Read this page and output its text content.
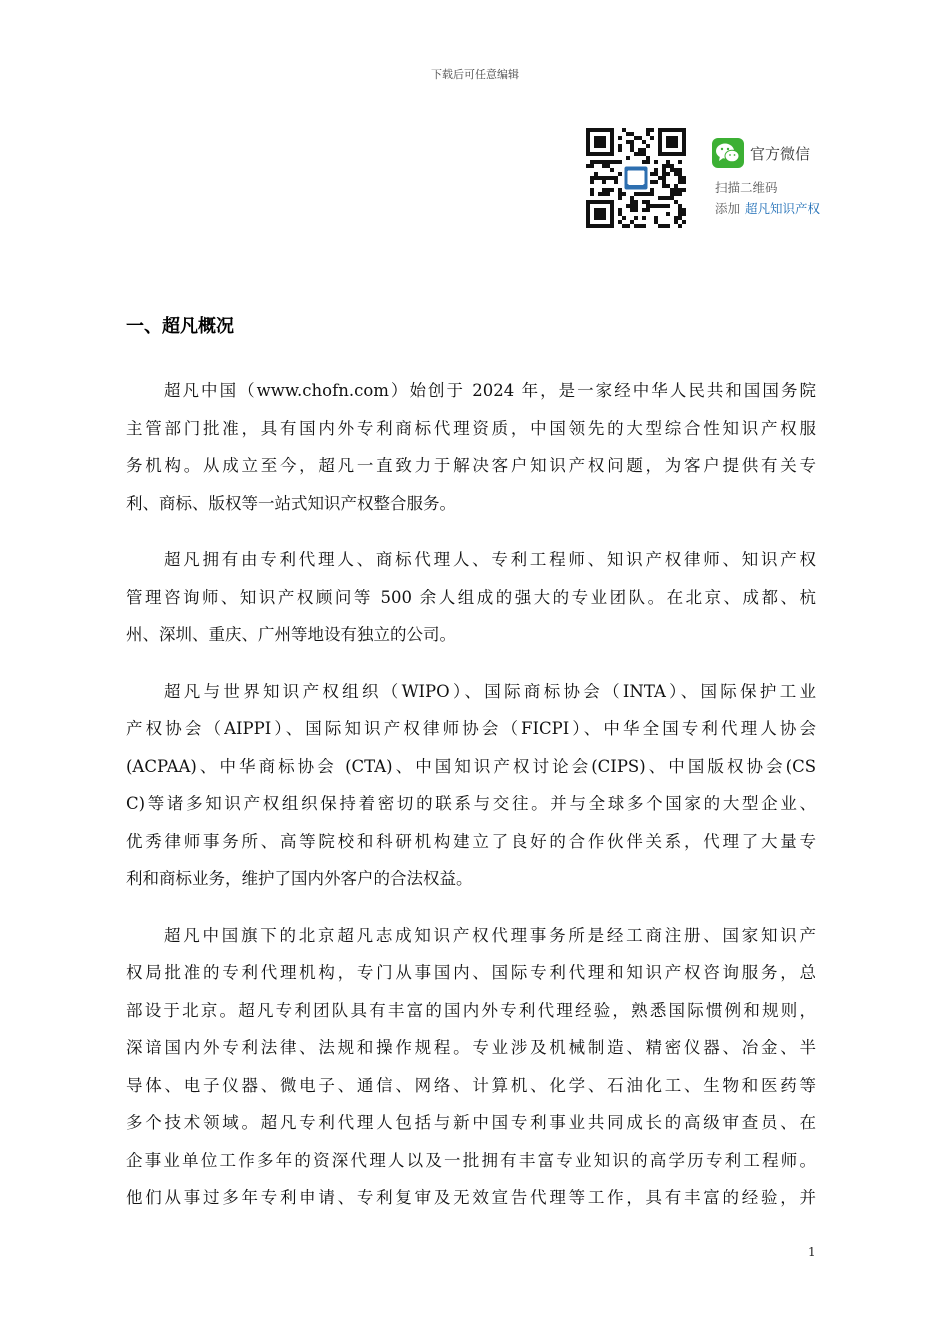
下载后可任意编辑
官方微信
扫描二维码
添加 超凡知识产权
一、超凡概况
超凡中国（www.chofn.com）始创于 2024 年，是一家经中华人民共和国国务院
主管部门批准，具有国内外专利商标代理资质，中国领先的大型综合性知识产权服
务机构。从成立至今，超凡一直致力于解决客户知识产权问题，为客户提供有关专
利、商标、版权等一站式知识产权整合服务。
超凡拥有由专利代理人、商标代理人、专利工程师、知识产权律师、知识产权
管理咨询师、知识产权顾问等 500 余人组成的强大的专业团队。在北京、成都、杭
州、深圳、重庆、广州等地设有独立的公司。
超凡与世界知识产权组织（WIPO）、国际商标协会（INTA）、国际保护工业
产权协会（AIPPI）、国际知识产权律师协会（FICPI）、中华全国专利代理人协会
(ACPAA)、中华商标协会 (CTA)、中国知识产权讨论会(CIPS)、中国版权协会(CS
C)等诸多知识产权组织保持着密切的联系与交往。并与全球多个国家的大型企业、
优秀律师事务所、高等院校和科研机构建立了良好的合作伙伴关系，代理了大量专
利和商标业务，维护了国内外客户的合法权益。
超凡中国旗下的北京超凡志成知识产权代理事务所是经工商注册、国家知识产
权局批准的专利代理机构，专门从事国内、国际专利代理和知识产权咨询服务，总
部设于北京。超凡专利团队具有丰富的国内外专利代理经验，熟悉国际惯例和规则，
深谙国内外专利法律、法规和操作规程。专业涉及机械制造、精密仪器、冶金、半
导体、电子仪器、微电子、通信、网络、计算机、化学、石油化工、生物和医药等
多个技术领域。超凡专利代理人包括与新中国专利事业共同成长的高级审查员、在
企事业单位工作多年的资深代理人以及一批拥有丰富专业知识的高学历专利工程师。
他们从事过多年专利申请、专利复审及无效宣告代理等工作，具有丰富的经验，并
1
